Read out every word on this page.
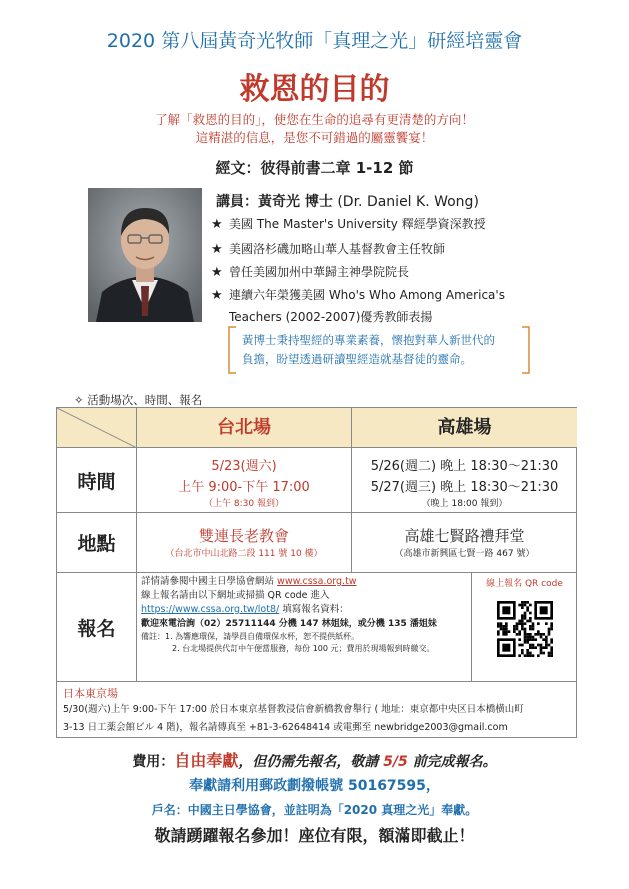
2020 第八屆黃奇光牧師「真理之光」研經培靈會
救恩的目的
了解「救恩的目的」，使您在生命的追尋有更清楚的方向！
這精湛的信息，是您不可錯過的屬靈饗宴！
經文：彼得前書二章 1-12 節
講員：黃奇光 博士 (Dr. Daniel K. Wong)
★ 美國 The Master's University 釋經學資深教授
★ 美國洛杉磯加略山華人基督教會主任牧師
★ 曾任美國加州中華歸主神學院院長
★ 連續六年榮獲美國 Who's Who Among America's
Teachers (2002-2007)優秀教師表揚
黃博士秉持聖經的專業素養，懷抱對華人新世代的
負擔，盼望透過研讀聖經造就基督徒的靈命。
✧ 活動場次、時間、報名
台北場	高雄場
時間
5/23(週六)
上午 9:00-下午 17:00
（上午 8:30 報到）
5/26(週二) 晚上 18:30～21:30
5/27(週三) 晚上 18:30～21:30
（晚上 18:00 報到）
地點	雙連長老教會
（台北市中山北路二段 111 號 10 樓）
高雄七賢路禮拜堂
（高雄市新興區七賢一路 467 號）
報名
詳情請參閱中國主日學協會網站 www.cssa.org.tw
線上報名請由以下網址或掃描 QR code 進入
https://www.cssa.org.tw/lot8/ 填寫報名資料：
歡迎來電洽詢（02）25711144 分機 147 林姐妹，或分機 135 潘姐妹
備註：1. 為響應環保，請學員自備環保水杯，恕不提供紙杯。
2. 台北場提供代訂中午便當服務，每份 100 元；費用於現場報到時繳交。
線上報名 QR code
日本東京場
5/30(週六)上午 9:00-下午 17:00 於日本東京基督教浸信會新橋教會舉行 ( 地址：東京都中央区日本橋横山町
3-13 日工薬会館ビル 4 階)，報名請傳真至 +81-3-62648414 或電郵至 newbridge2003@gmail.com
費用：自由奉獻，但仍需先報名，敬請 5/5 前完成報名。
奉獻請利用郵政劃撥帳號 50167595，
戶名：中國主日學協會，並註明為「2020 真理之光」奉獻。
敬請踴躍報名參加！座位有限，額滿即截止！
